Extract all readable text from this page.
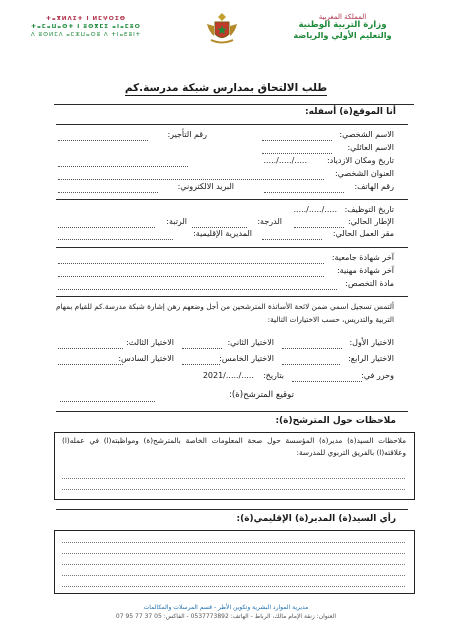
ⵜⴰⴳⵍⴷⵉⵜ ⵏ ⵍⵎⵖⵔⵉⴱ
ⵜⴰⵎⴰⵡⴰⵙⵜ ⵏ ⵓⵙⴳⵎⵉ ⴰⵏⴰⵎⵓⵔ
ⴷ ⵓⵙⵍⵎⴷ ⴰⵎⵣⵡⴰⵔⵓ ⴷ ⵜⵏⴰⴹⵓⵏⵜ
المملكة المغربية
وزارة التربية الوطنية
والتعليم الأولي والرياضة
طلب الالتحاق بمدارس شبكة مدرسة.كم
أنا الموقع(ة) أسفله:
الاسم الشخصي:
رقم التأجير:
الاسم العائلي:
تاريخ ومكان الازدياد:
...../...../.....
العنوان الشخصي:
رقم الهاتف:
البريد الالكتروني:
تاريخ التوظيف:
...../...../.....
الإطار الحالي:
الدرجة:
الرتبة:
مقر العمل الحالي:
المديرية الإقليمية:
آخر شهادة جامعية:
آخر شهادة مهنية:
مادة التخصص:
ألتمس تسجيل اسمي ضمن لائحة الأساتذة المترشحين من أجل وضعهم رهن إشارة شبكة مدرسة.كم للقيام بمهام التربية والتدريس، حسب الاختيارات التالية:
الاختيار الأول:
الاختيار الثاني:
الاختيار الثالث:
الاختيار الرابع:
الاختيار الخامس:
الاختيار السادس:
وحرر في:
بتاريخ:
...../...../2021
توقيع المترشح(ة):
ملاحظات حول المترشح(ة):
ملاحظات السيد(ة) مدير(ة) المؤسسة حول صحة المعلومات الخاصة بالمترشح(ة) ومواظبته(ا) في عمله(ا) وعلاقته(ا) بالفريق التربوي للمدرسة:
رأي السيد(ة) المدير(ة) الإقليمي(ة):
مديرية الموارد البشرية وتكوين الأطر - قسم المرسلات والمكالمات
العنوان: زنقة الإمام مالك، الرباط - الهاتف: 0537773892 - الفاكس: 05 37 77 95 07
